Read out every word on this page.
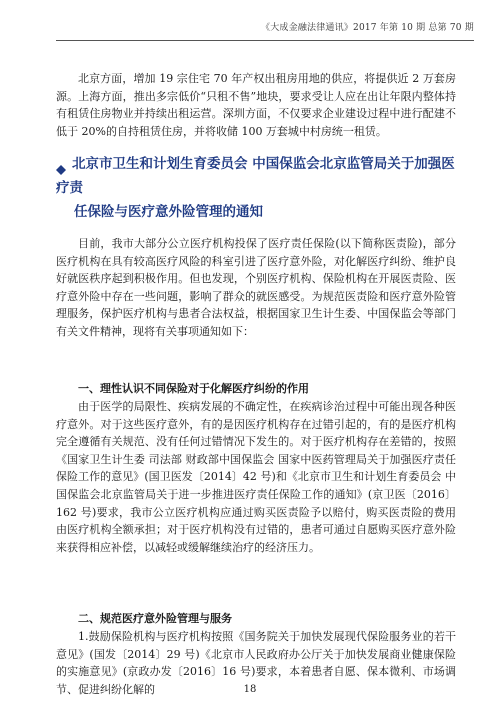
《大成金融法律通讯》2017 年第 10 期 总第 70 期

北京方面，增加 19 宗住宅 70 年产权出租房用地的供应，将提供近 2 万套房源。上海方面，推出多宗低价“只租不售”地块，要求受让人应在出让年限内整体持有租赁住房物业并持续出租运营。深圳方面，不仅要求企业建设过程中进行配建不低于 20%的自持租赁住房，并将收储 100 万套城中村房统一租赁。

北京市卫生和计划生育委员会 中国保监会北京监管局关于加强医疗责
任保险与医疗意外险管理的通知

目前，我市大部分公立医疗机构投保了医疗责任保险(以下简称医责险)，部分医疗机构在具有较高医疗风险的科室引进了医疗意外险，对化解医疗纠纷、维护良好就医秩序起到积极作用。但也发现，个别医疗机构、保险机构在开展医责险、医疗意外险中存在一些问题，影响了群众的就医感受。为规范医责险和医疗意外险管理服务，保护医疗机构与患者合法权益，根据国家卫生计生委、中国保监会等部门有关文件精神，现将有关事项通知如下：

一、理性认识不同保险对于化解医疗纠纷的作用

由于医学的局限性、疾病发展的不确定性，在疾病诊治过程中可能出现各种医疗意外。对于这些医疗意外，有的是因医疗机构存在过错引起的，有的是医疗机构完全遵循有关规范、没有任何过错情况下发生的。对于医疗机构存在差错的，按照《国家卫生计生委 司法部 财政部中国保监会 国家中医药管理局关于加强医疗责任保险工作的意见》(国卫医发〔2014〕42 号)和《北京市卫生和计划生育委员会 中国保监会北京监管局关于进一步推进医疗责任保险工作的通知》(京卫医〔2016〕162 号)要求，我市公立医疗机构应通过购买医责险予以赔付，购买医责险的费用由医疗机构全额承担；对于医疗机构没有过错的，患者可通过自愿购买医疗意外险来获得相应补偿，以减轻或缓解继续治疗的经济压力。

二、规范医疗意外险管理与服务

1.鼓励保险机构与医疗机构按照《国务院关于加快发展现代保险服务业的若干意见》(国发〔2014〕29 号)《北京市人民政府办公厅关于加快发展商业健康保险的实施意见》(京政办发〔2016〕16 号)要求，本着患者自愿、保本微利、市场调节、促进纠纷化解的	18
